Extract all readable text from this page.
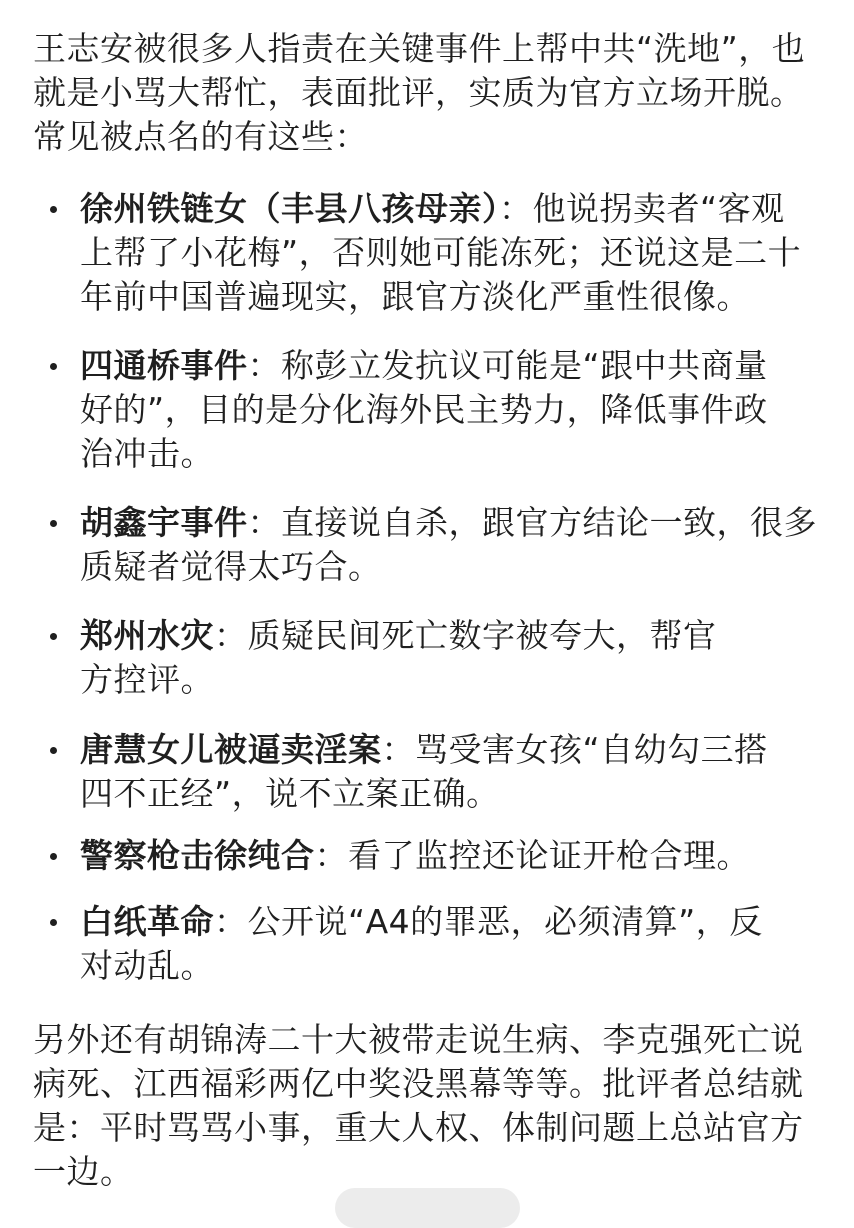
王志安被很多人指责在关键事件上帮中共“洗地”，也就是小骂大帮忙，表面批评，实质为官方立场开脱。常见被点名的有这些：

徐州铁链女（丰县八孩母亲）：他说拐卖者“客观上帮了小花梅”，否则她可能冻死；还说这是二十年前中国普遍现实，跟官方淡化严重性很像。
四通桥事件：称彭立发抗议可能是“跟中共商量好的”，目的是分化海外民主势力，降低事件政治冲击。
胡鑫宇事件：直接说自杀，跟官方结论一致，很多质疑者觉得太巧合。
郑州水灾：质疑民间死亡数字被夸大，帮官方控评。
唐慧女儿被逼卖淫案：骂受害女孩“自幼勾三搭四不正经”，说不立案正确。
警察枪击徐纯合：看了监控还论证开枪合理。
白纸革命：公开说“A4的罪恶，必须清算”，反对动乱。

另外还有胡锦涛二十大被带走说生病、李克强死亡说病死、江西福彩两亿中奖没黑幕等等。批评者总结就是：平时骂骂小事，重大人权、体制问题上总站官方一边。
